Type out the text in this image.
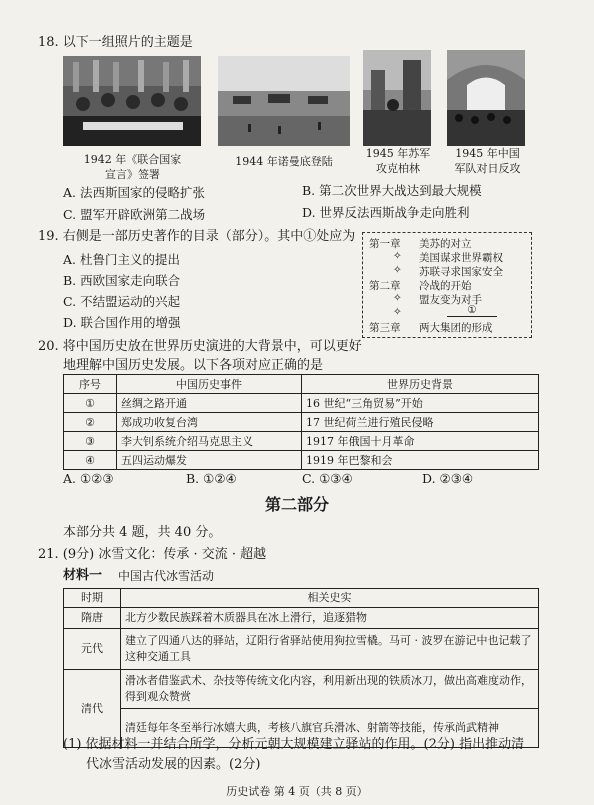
18. 以下一组照片的主题是
1942 年《联合国家
宣言》签署
1944 年诺曼底登陆
1945 年苏军
攻克柏林
1945 年中国
军队对日反攻
A. 法西斯国家的侵略扩张	B. 第二次世界大战达到最大规模
C. 盟军开辟欧洲第二战场	D. 世界反法西斯战争走向胜利
19. 右侧是一部历史著作的目录（部分）。其中①处应为
A. 杜鲁门主义的提出
B. 西欧国家走向联合
C. 不结盟运动的兴起
D. 联合国作用的增强
第一章 美苏的对立
✧ 美国谋求世界霸权
✧ 苏联寻求国家安全
第二章 冷战的开始
✧ 盟友变为对手
✧	①
第三章 两大集团的形成
20. 将中国历史放在世界历史演进的大背景中，可以更好
地理解中国历史发展。以下各项对应正确的是
序号	中国历史事件	世界历史背景
①	丝绸之路开通	16 世纪“三角贸易”开始
②	郑成功收复台湾	17 世纪荷兰进行殖民侵略
③	李大钊系统介绍马克思主义	1917 年俄国十月革命
④	五四运动爆发	1919 年巴黎和会
A. ①②③	B. ①②④	C. ①③④	D. ②③④
第二部分
本部分共 4 题，共 40 分。
21. (9分) 冰雪文化：传承 · 交流 · 超越
材料一 中国古代冰雪活动
时期	相关史实
隋唐	北方少数民族踩着木质器具在冰上滑行，追逐猎物
元代	建立了四通八达的驿站，辽阳行省驿站使用狗拉雪橇。马可 · 波罗在游记中也记载了这种交通工具
清代	滑冰者借鉴武术、杂技等传统文化内容，利用新出现的铁质冰刀，做出高难度动作，得到观众赞赏
	清廷每年冬至举行冰嬉大典，考核八旗官兵滑冰、射箭等技能，传承尚武精神
(1) 依据材料一并结合所学，分析元朝大规模建立驿站的作用。(2分) 指出推动清
代冰雪活动发展的因素。(2分)
历史试卷 第 4 页（共 8 页）
